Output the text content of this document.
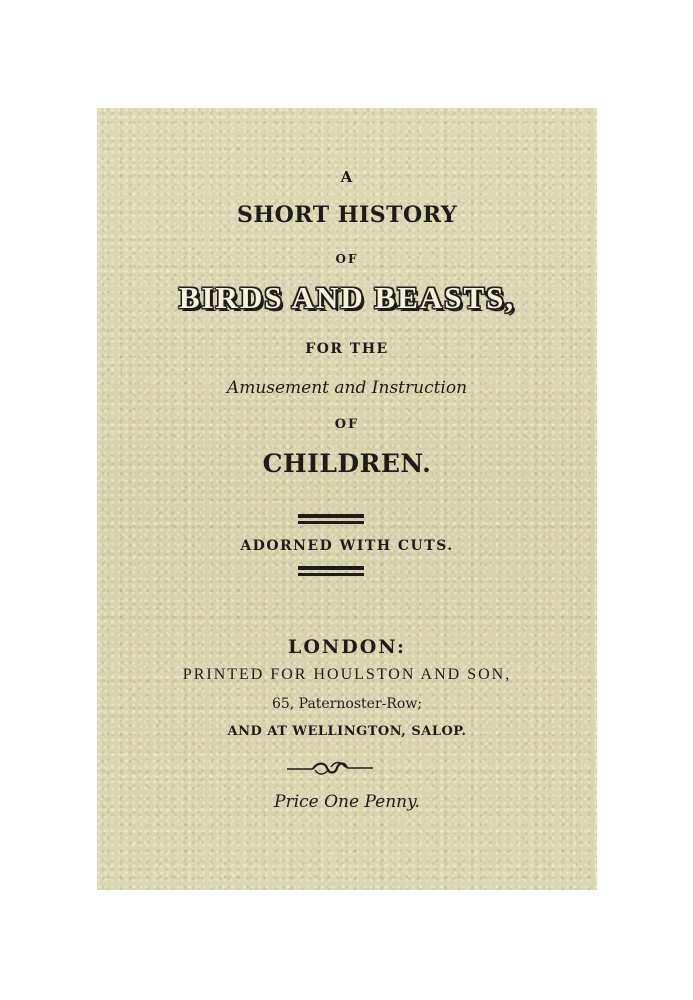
A
SHORT HISTORY
OF
BIRDS AND BEASTS,
FOR THE
Amusement and Instruction
OF
CHILDREN.
ADORNED WITH CUTS.
LONDON:
PRINTED FOR HOULSTON AND SON,
65, Paternoster-Row;
AND AT WELLINGTON, SALOP.
Price One Penny.
